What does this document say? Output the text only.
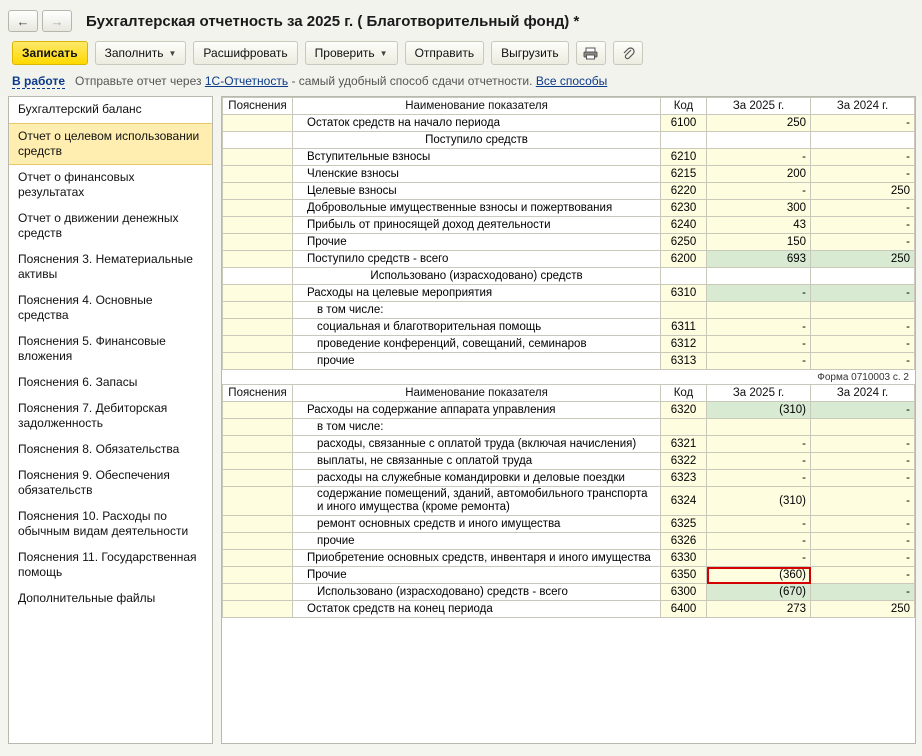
←	→	Бухгалтерская отчетность за 2025 г. ( Благотворительный фонд) *
Записать Заполнить ▼ Расшифровать Проверить ▼ Отправить Выгрузить
В работе Отправьте отчет через 1С-Отчетность - самый удобный способ сдачи отчетности. Все способы
Бухгалтерский баланс
Отчет о целевом использовании средств
Отчет о финансовых результатах
Отчет о движении денежных средств
Пояснения 3. Нематериальные активы
Пояснения 4. Основные средства
Пояснения 5. Финансовые вложения
Пояснения 6. Запасы
Пояснения 7. Дебиторская задолженность
Пояснения 8. Обязательства
Пояснения 9. Обеспечения обязательств
Пояснения 10. Расходы по обычным видам деятельности
Пояснения 11. Государственная помощь
Дополнительные файлы
Пояснения	Наименование показателя	Код	За 2025 г.	За 2024 г.
	Остаток средств на начало периода	6100	250	-
	Поступило средств			
	Вступительные взносы	6210	-	-
	Членские взносы	6215	200	-
	Целевые взносы	6220	-	250
	Добровольные имущественные взносы и пожертвования	6230	300	-
	Прибыль от приносящей доход деятельности	6240	43	-
	Прочие	6250	150	-
	Поступило средств - всего	6200	693	250
	Использовано (израсходовано) средств			
	Расходы на целевые мероприятия	6310	-	-
	в том числе:			
	социальная и благотворительная помощь	6311	-	-
	проведение конференций, совещаний, семинаров	6312	-	-
	прочие	6313	-	-
Форма 0710003 с. 2
Пояснения	Наименование показателя	Код	За 2025 г.	За 2024 г.
	Расходы на содержание аппарата управления	6320	(310)	-
	в том числе:			
	расходы, связанные с оплатой труда (включая начисления)	6321	-	-
	выплаты, не связанные с оплатой труда	6322	-	-
	расходы на служебные командировки и деловые поездки	6323	-	-
	содержание помещений, зданий, автомобильного транспорта и иного имущества (кроме ремонта)	6324	(310)	-
	ремонт основных средств и иного имущества	6325	-	-
	прочие	6326	-	-
	Приобретение основных средств, инвентаря и иного имущества	6330	-	-
	Прочие	6350	(360)	-
	Использовано (израсходовано) средств - всего	6300	(670)	-
	Остаток средств на конец периода	6400	273	250
